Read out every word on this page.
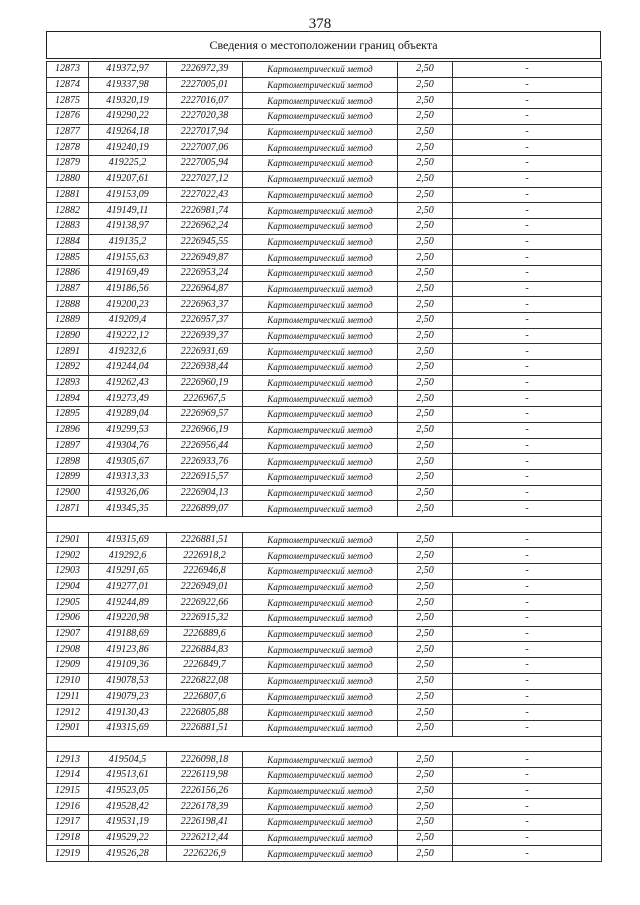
378
Сведения о местоположении границ объекта
12873	419372,97	2226972,39	Картометрический метод	2,50	-
12874	419337,98	2227005,01	Картометрический метод	2,50	-
12875	419320,19	2227016,07	Картометрический метод	2,50	-
12876	419290,22	2227020,38	Картометрический метод	2,50	-
12877	419264,18	2227017,94	Картометрический метод	2,50	-
12878	419240,19	2227007,06	Картометрический метод	2,50	-
12879	419225,2	2227005,94	Картометрический метод	2,50	-
12880	419207,61	2227027,12	Картометрический метод	2,50	-
12881	419153,09	2227022,43	Картометрический метод	2,50	-
12882	419149,11	2226981,74	Картометрический метод	2,50	-
12883	419138,97	2226962,24	Картометрический метод	2,50	-
12884	419135,2	2226945,55	Картометрический метод	2,50	-
12885	419155,63	2226949,87	Картометрический метод	2,50	-
12886	419169,49	2226953,24	Картометрический метод	2,50	-
12887	419186,56	2226964,87	Картометрический метод	2,50	-
12888	419200,23	2226963,37	Картометрический метод	2,50	-
12889	419209,4	2226957,37	Картометрический метод	2,50	-
12890	419222,12	2226939,37	Картометрический метод	2,50	-
12891	419232,6	2226931,69	Картометрический метод	2,50	-
12892	419244,04	2226938,44	Картометрический метод	2,50	-
12893	419262,43	2226960,19	Картометрический метод	2,50	-
12894	419273,49	2226967,5	Картометрический метод	2,50	-
12895	419289,04	2226969,57	Картометрический метод	2,50	-
12896	419299,53	2226966,19	Картометрический метод	2,50	-
12897	419304,76	2226956,44	Картометрический метод	2,50	-
12898	419305,67	2226933,76	Картометрический метод	2,50	-
12899	419313,33	2226915,57	Картометрический метод	2,50	-
12900	419326,06	2226904,13	Картометрический метод	2,50	-
12871	419345,35	2226899,07	Картометрический метод	2,50	-

12901	419315,69	2226881,51	Картометрический метод	2,50	-
12902	419292,6	2226918,2	Картометрический метод	2,50	-
12903	419291,65	2226946,8	Картометрический метод	2,50	-
12904	419277,01	2226949,01	Картометрический метод	2,50	-
12905	419244,89	2226922,66	Картометрический метод	2,50	-
12906	419220,98	2226915,32	Картометрический метод	2,50	-
12907	419188,69	2226889,6	Картометрический метод	2,50	-
12908	419123,86	2226884,83	Картометрический метод	2,50	-
12909	419109,36	2226849,7	Картометрический метод	2,50	-
12910	419078,53	2226822,08	Картометрический метод	2,50	-
12911	419079,23	2226807,6	Картометрический метод	2,50	-
12912	419130,43	2226805,88	Картометрический метод	2,50	-
12901	419315,69	2226881,51	Картометрический метод	2,50	-

12913	419504,5	2226098,18	Картометрический метод	2,50	-
12914	419513,61	2226119,98	Картометрический метод	2,50	-
12915	419523,05	2226156,26	Картометрический метод	2,50	-
12916	419528,42	2226178,39	Картометрический метод	2,50	-
12917	419531,19	2226198,41	Картометрический метод	2,50	-
12918	419529,22	2226212,44	Картометрический метод	2,50	-
12919	419526,28	2226226,9	Картометрический метод	2,50	-
